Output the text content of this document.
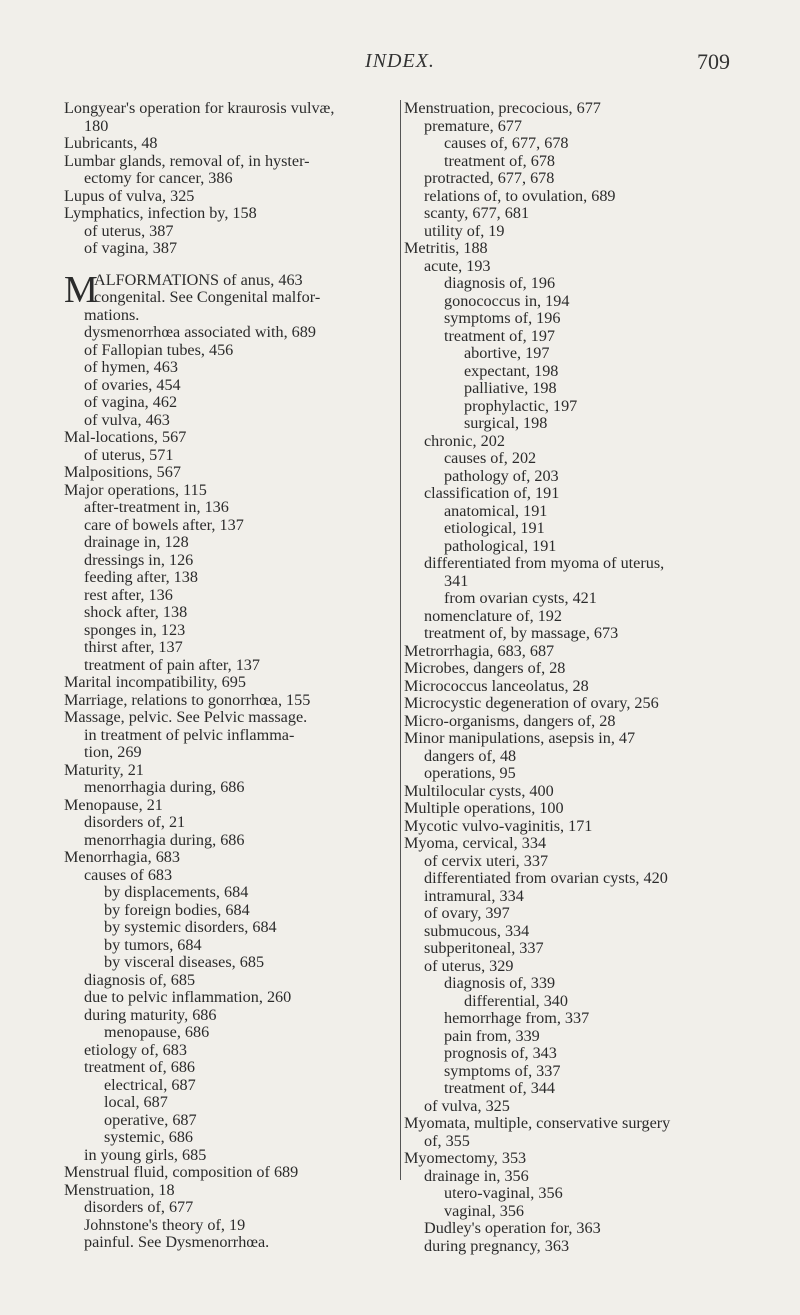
INDEX.	709
Longyear's operation for kraurosis vulvæ,
180
Lubricants, 48
Lumbar glands, removal of, in hyster-
ectomy for cancer, 386
Lupus of vulva, 325
Lymphatics, infection by, 158
of uterus, 387
of vagina, 387
M
ALFORMATIONS of anus, 463
congenital. See Congenital malfor-
mations.
dysmenorrhœa associated with, 689
of Fallopian tubes, 456
of hymen, 463
of ovaries, 454
of vagina, 462
of vulva, 463
Mal-locations, 567
of uterus, 571
Malpositions, 567
Major operations, 115
after-treatment in, 136
care of bowels after, 137
drainage in, 128
dressings in, 126
feeding after, 138
rest after, 136
shock after, 138
sponges in, 123
thirst after, 137
treatment of pain after, 137
Marital incompatibility, 695
Marriage, relations to gonorrhœa, 155
Massage, pelvic. See Pelvic massage.
in treatment of pelvic inflamma-
tion, 269
Maturity, 21
menorrhagia during, 686
Menopause, 21
disorders of, 21
menorrhagia during, 686
Menorrhagia, 683
causes of 683
by displacements, 684
by foreign bodies, 684
by systemic disorders, 684
by tumors, 684
by visceral diseases, 685
diagnosis of, 685
due to pelvic inflammation, 260
during maturity, 686
menopause, 686
etiology of, 683
treatment of, 686
electrical, 687
local, 687
operative, 687
systemic, 686
in young girls, 685
Menstrual fluid, composition of 689
Menstruation, 18
disorders of, 677
Johnstone's theory of, 19
painful. See Dysmenorrhœa.
Menstruation, precocious, 677
premature, 677
causes of, 677, 678
treatment of, 678
protracted, 677, 678
relations of, to ovulation, 689
scanty, 677, 681
utility of, 19
Metritis, 188
acute, 193
diagnosis of, 196
gonococcus in, 194
symptoms of, 196
treatment of, 197
abortive, 197
expectant, 198
palliative, 198
prophylactic, 197
surgical, 198
chronic, 202
causes of, 202
pathology of, 203
classification of, 191
anatomical, 191
etiological, 191
pathological, 191
differentiated from myoma of uterus,
341
from ovarian cysts, 421
nomenclature of, 192
treatment of, by massage, 673
Metrorrhagia, 683, 687
Microbes, dangers of, 28
Micrococcus lanceolatus, 28
Microcystic degeneration of ovary, 256
Micro-organisms, dangers of, 28
Minor manipulations, asepsis in, 47
dangers of, 48
operations, 95
Multilocular cysts, 400
Multiple operations, 100
Mycotic vulvo-vaginitis, 171
Myoma, cervical, 334
of cervix uteri, 337
differentiated from ovarian cysts, 420
intramural, 334
of ovary, 397
submucous, 334
subperitoneal, 337
of uterus, 329
diagnosis of, 339
differential, 340
hemorrhage from, 337
pain from, 339
prognosis of, 343
symptoms of, 337
treatment of, 344
of vulva, 325
Myomata, multiple, conservative surgery
of, 355
Myomectomy, 353
drainage in, 356
utero-vaginal, 356
vaginal, 356
Dudley's operation for, 363
during pregnancy, 363
